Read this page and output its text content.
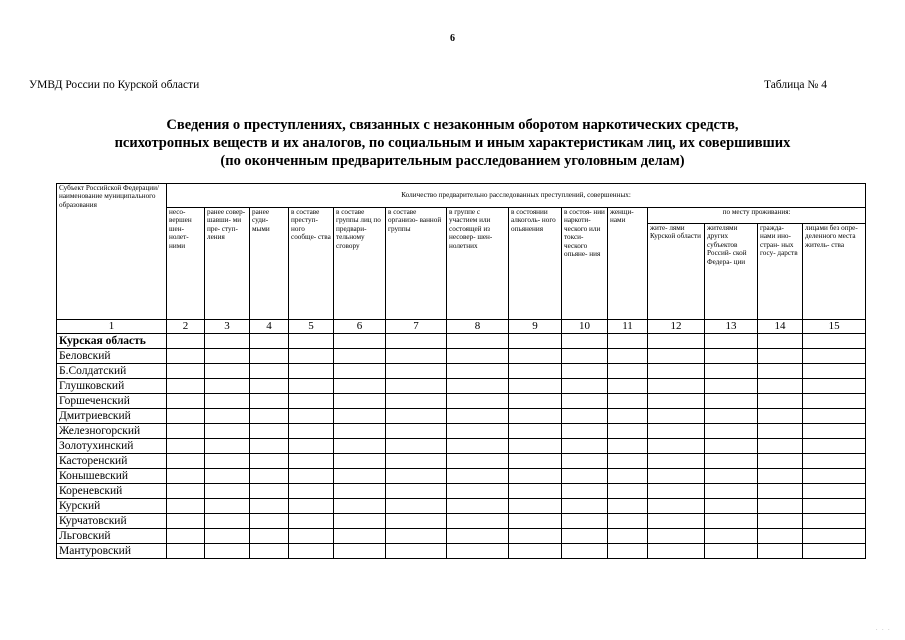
6
УМВД России по Курской области	Таблица № 4
Сведения о преступлениях, связанных с незаконным оборотом наркотических средств,
психотропных веществ и их аналогов, по социальным и иным характеристикам лиц, их совершивших
(по оконченным предварительным расследованием уголовным делам)
Субъект Российской Федерации/ наименование муниципального образования	Количество предварительно расследованных преступлений, совершенных:													
	несо- вершен шен- нолет- ними	ранее совер- шавши- ми пре- ступ- ления	ранее суди- мыми	в составе преступ- ного сообще- ства	в составе группы лиц по предвари- тельному сговору	в составе организо- ванной группы	в группе с участием или состоящей из несовер- шен- нолетних	в состоянии алкоголь- ного опьянения	в состоя- нии наркоти- ческого или токси- ческого опьяне- ния	женщи- нами	по месту проживания:			
											жите- лями Курской области	жителями других субъектов Россий- ской Федера- ции	гражда- нами ино- стран- ных госу- дарств	лицами без опре- деленного места житель- ства
1	2	3	4	5	6	7	8	9	10	11	12	13	14	15
Курская область														
Беловский														
Б.Солдатский														
Глушковский														
Горшеченский														
Дмитриевский														
Железногорский														
Золотухинский														
Касторенский														
Конышевский														
Кореневский														
Курский														
Курчатовский														
Льговский														
Мантуровский														
· · ·
